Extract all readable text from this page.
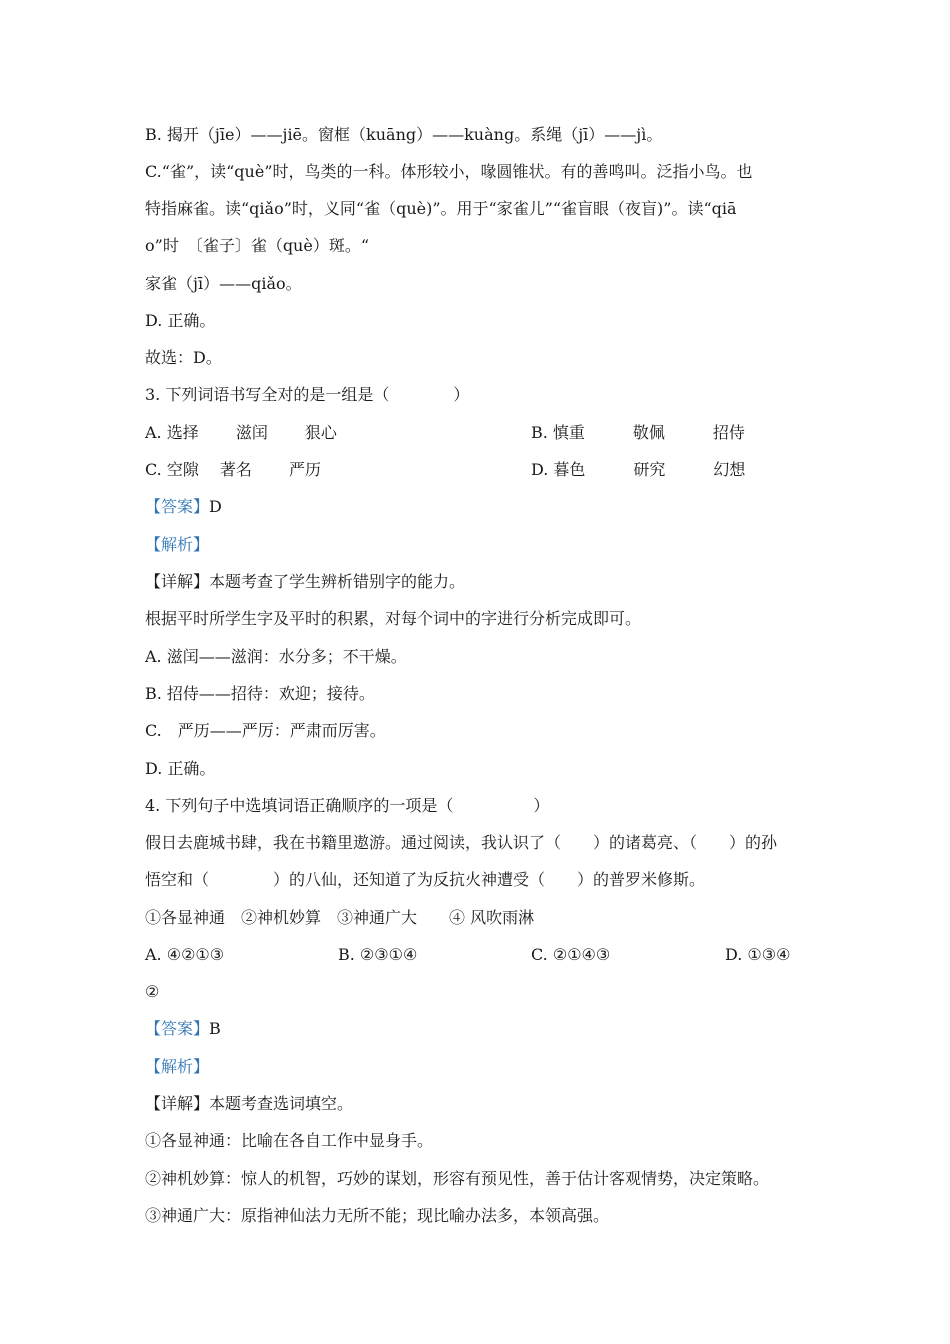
B. 揭开（jīe）——jiē。窗框（kuāng）——kuàng。系绳（jī）——jì。
C.“雀”，读“què”时，鸟类的一科。体形较小，喙圆锥状。有的善鸣叫。泛指小鸟。也
特指麻雀。读“qiǎo”时，义同“雀（què)”。用于“家雀儿”“雀盲眼（夜盲)”。读“qiā
o”时　〔雀子〕雀（què）斑。“
家雀（jī）——qiǎo。
D. 正确。
故选：D。
3. 下列词语书写全对的是一组是（　　　　）
A. 选择　　 滋闰　　 狠心	B. 慎重　　　敬佩　　　招侍
C. 空隙　 著名　　 严历	D. 暮色　　　研究　　　幻想
【答案】D
【解析】
【详解】本题考查了学生辨析错别字的能力。
根据平时所学生字及平时的积累，对每个词中的字进行分析完成即可。
A. 滋闰——滋润：水分多；不干燥。
B. 招侍——招待：欢迎；接待。
C.　严历——严厉：严肃而厉害。
D. 正确。
4. 下列句子中选填词语正确顺序的一项是（　　　　　）
假日去鹿城书肆，我在书籍里遨游。通过阅读，我认识了（　　）的诸葛亮、（　　）的孙
悟空和（　　　　）的八仙，还知道了为反抗火神遭受（　　）的普罗米修斯。
①各显神通　②神机妙算　③神通广大　　④ 风吹雨淋
A. ④②①③	B. ②③①④	C. ②①④③	D. ①③④
②
【答案】B
【解析】
【详解】本题考查选词填空。
①各显神通：比喻在各自工作中显身手。
②神机妙算：惊人的机智，巧妙的谋划，形容有预见性，善于估计客观情势，决定策略。
③神通广大：原指神仙法力无所不能；现比喻办法多，本领高强。
